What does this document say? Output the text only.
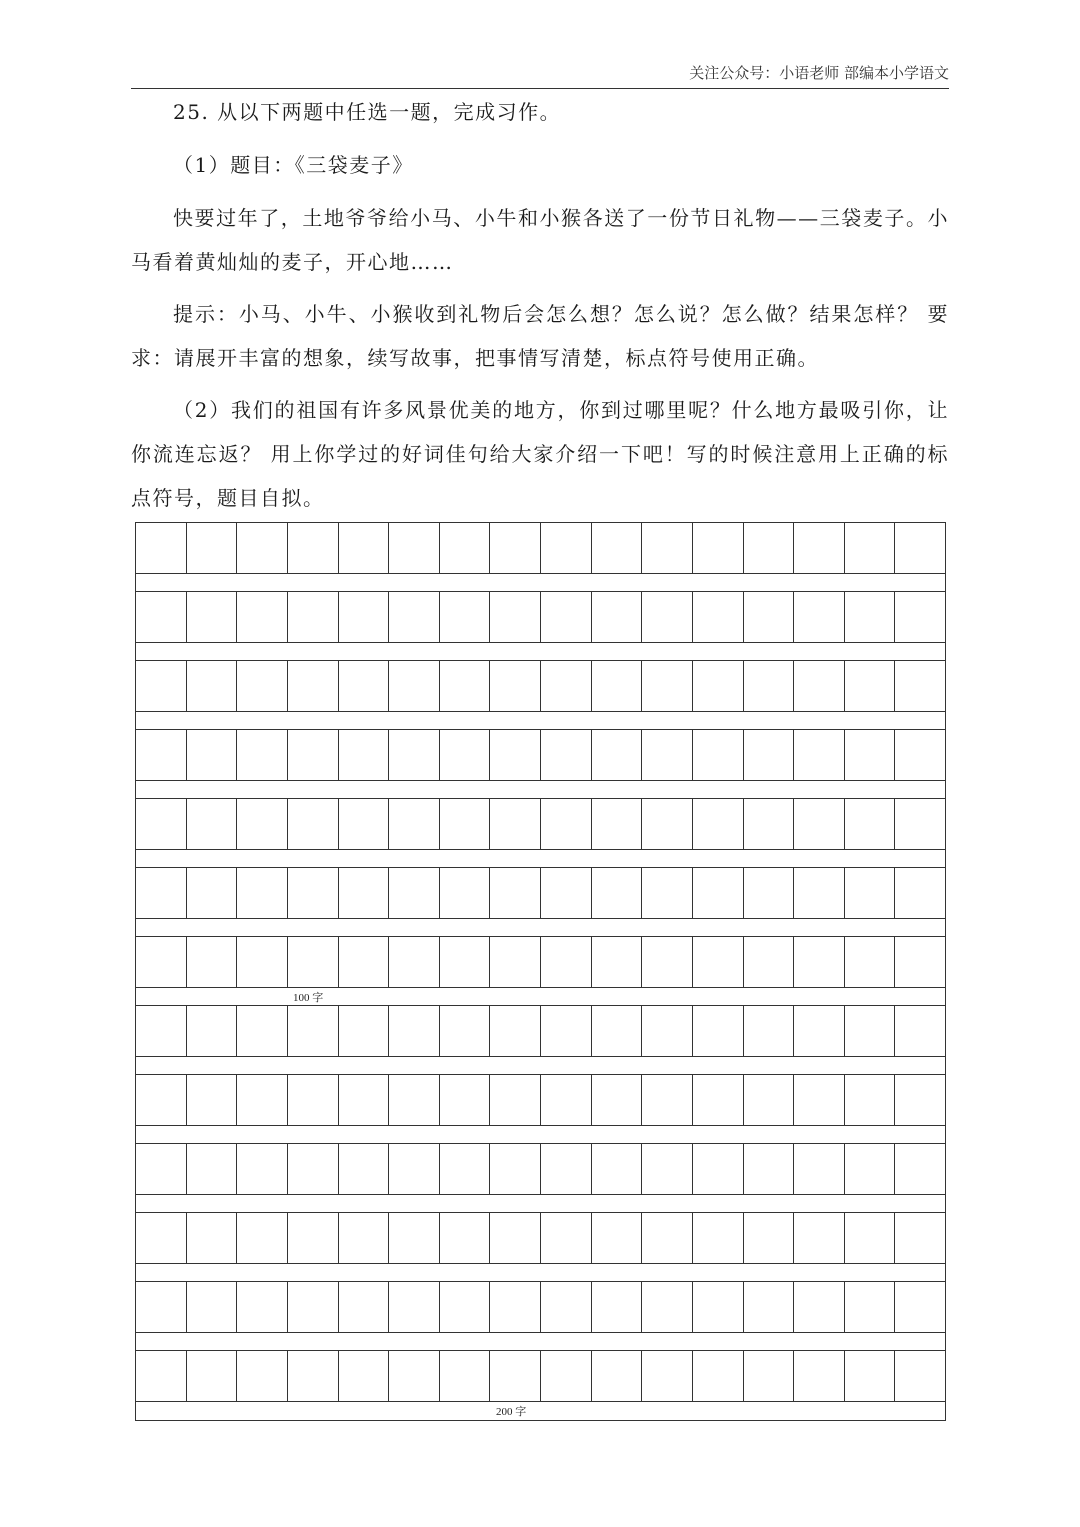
关注公众号：小语老师 部编本小学语文

25. 从以下两题中任选一题，完成习作。

（1）题目：《三袋麦子》

快要过年了，土地爷爷给小马、小牛和小猴各送了一份节日礼物——三袋麦子。小马看着黄灿灿的麦子，开心地……

提示：小马、小牛、小猴收到礼物后会怎么想？怎么说？怎么做？结果怎样？ 要求：请展开丰富的想象，续写故事，把事情写清楚，标点符号使用正确。

（2）我们的祖国有许多风景优美的地方，你到过哪里呢？什么地方最吸引你，让你流连忘返？ 用上你学过的好词佳句给大家介绍一下吧！写的时候注意用上正确的标点符号，题目自拟。

100 字
200 字
